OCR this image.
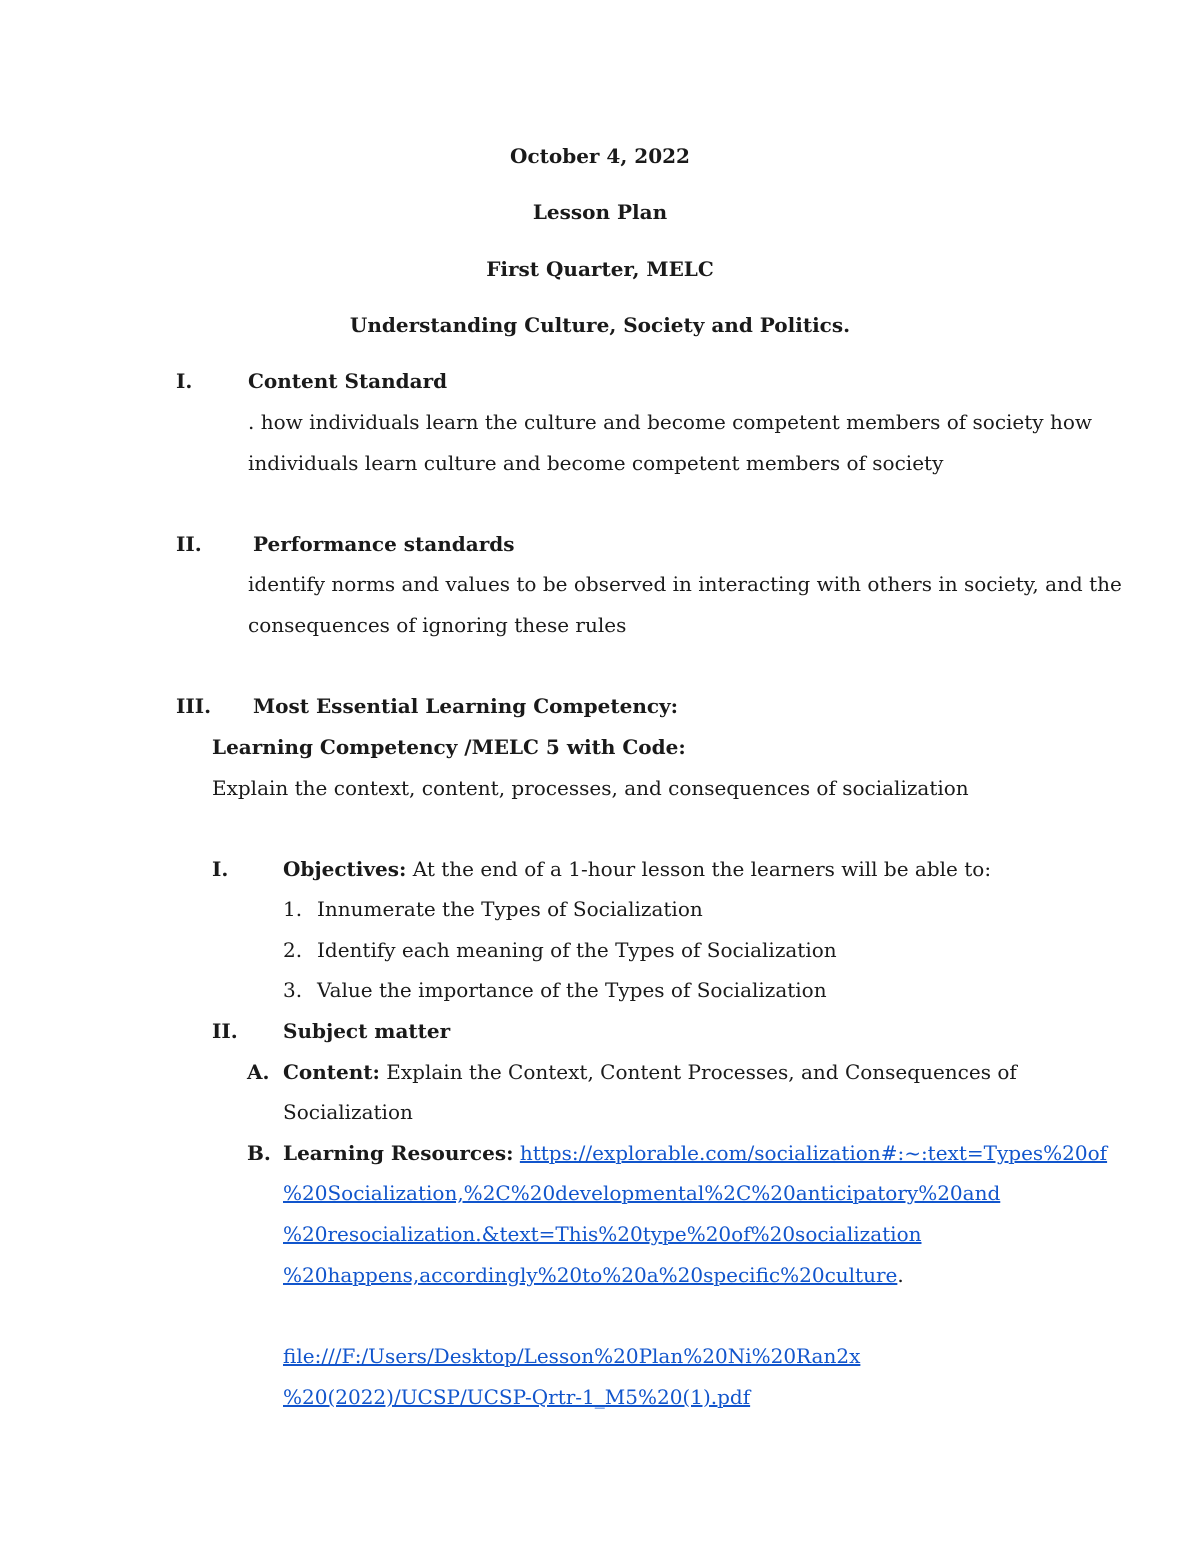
October 4, 2022
Lesson Plan
First Quarter, MELC
Understanding Culture, Society and Politics.
I.	Content Standard
. how individuals learn the culture and become competent members of society how
individuals learn culture and become competent members of society
II.	Performance standards
identify norms and values to be observed in interacting with others in society, and the
consequences of ignoring these rules
III. Most Essential Learning Competency:
Learning Competency /MELC 5 with Code:
Explain the context, content, processes, and consequences of socialization
I.	Objectives: At the end of a 1-hour lesson the learners will be able to:
1. Innumerate the Types of Socialization
2. Identify each meaning of the Types of Socialization
3. Value the importance of the Types of Socialization
II. Subject matter
A. Content: Explain the Context, Content Processes, and Consequences of
Socialization
B. Learning Resources: https://explorable.com/socialization#:~:text=Types%20of
%20Socialization,%2C%20developmental%2C%20anticipatory%20and
%20resocialization.&text=This%20type%20of%20socialization
%20happens,accordingly%20to%20a%20specific%20culture.
file:///F:/Users/Desktop/Lesson%20Plan%20Ni%20Ran2x
%20(2022)/UCSP/UCSP-Qrtr-1_M5%20(1).pdf
